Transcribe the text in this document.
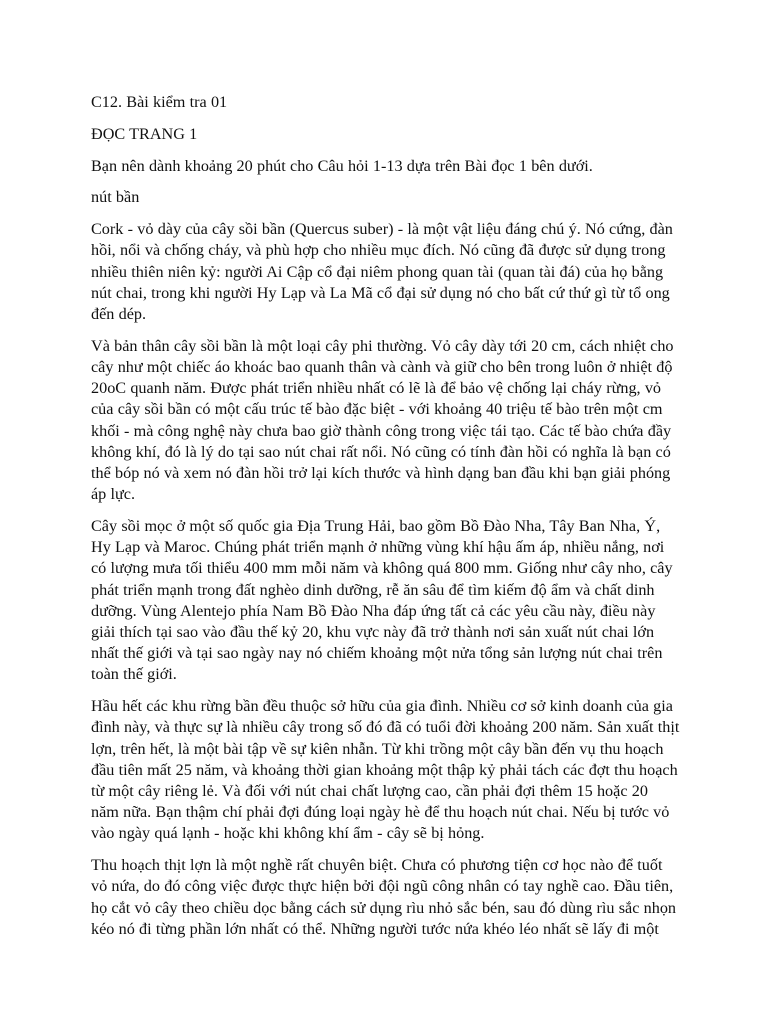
C12. Bài kiểm tra 01

ĐỌC TRANG 1

Bạn nên dành khoảng 20 phút cho Câu hỏi 1-13 dựa trên Bài đọc 1 bên dưới.

nút bần

Cork - vỏ dày của cây sồi bần (Quercus suber) - là một vật liệu đáng chú ý. Nó cứng, đàn hồi, nổi và chống cháy, và phù hợp cho nhiều mục đích. Nó cũng đã được sử dụng trong nhiều thiên niên kỷ: người Ai Cập cổ đại niêm phong quan tài (quan tài đá) của họ bằng nút chai, trong khi người Hy Lạp và La Mã cổ đại sử dụng nó cho bất cứ thứ gì từ tổ ong đến dép.

Và bản thân cây sồi bần là một loại cây phi thường. Vỏ cây dày tới 20 cm, cách nhiệt cho cây như một chiếc áo khoác bao quanh thân và cành và giữ cho bên trong luôn ở nhiệt độ 20oC quanh năm. Được phát triển nhiều nhất có lẽ là để bảo vệ chống lại cháy rừng, vỏ của cây sồi bần có một cấu trúc tế bào đặc biệt - với khoảng 40 triệu tế bào trên một cm khối - mà công nghệ này chưa bao giờ thành công trong việc tái tạo. Các tế bào chứa đầy không khí, đó là lý do tại sao nút chai rất nổi. Nó cũng có tính đàn hồi có nghĩa là bạn có thể bóp nó và xem nó đàn hồi trở lại kích thước và hình dạng ban đầu khi bạn giải phóng áp lực.

Cây sồi mọc ở một số quốc gia Địa Trung Hải, bao gồm Bồ Đào Nha, Tây Ban Nha, Ý, Hy Lạp và Maroc. Chúng phát triển mạnh ở những vùng khí hậu ấm áp, nhiều nắng, nơi có lượng mưa tối thiểu 400 mm mỗi năm và không quá 800 mm. Giống như cây nho, cây phát triển mạnh trong đất nghèo dinh dưỡng, rễ ăn sâu để tìm kiếm độ ẩm và chất dinh dưỡng. Vùng Alentejo phía Nam Bồ Đào Nha đáp ứng tất cả các yêu cầu này, điều này giải thích tại sao vào đầu thế kỷ 20, khu vực này đã trở thành nơi sản xuất nút chai lớn nhất thế giới và tại sao ngày nay nó chiếm khoảng một nửa tổng sản lượng nút chai trên toàn thế giới.

Hầu hết các khu rừng bần đều thuộc sở hữu của gia đình. Nhiều cơ sở kinh doanh của gia đình này, và thực sự là nhiều cây trong số đó đã có tuổi đời khoảng 200 năm. Sản xuất thịt lợn, trên hết, là một bài tập về sự kiên nhẫn. Từ khi trồng một cây bần đến vụ thu hoạch đầu tiên mất 25 năm, và khoảng thời gian khoảng một thập kỷ phải tách các đợt thu hoạch từ một cây riêng lẻ. Và đối với nút chai chất lượng cao, cần phải đợi thêm 15 hoặc 20 năm nữa. Bạn thậm chí phải đợi đúng loại ngày hè để thu hoạch nút chai. Nếu bị tước vỏ vào ngày quá lạnh - hoặc khi không khí ẩm - cây sẽ bị hỏng.

Thu hoạch thịt lợn là một nghề rất chuyên biệt. Chưa có phương tiện cơ học nào để tuốt vỏ nứa, do đó công việc được thực hiện bởi đội ngũ công nhân có tay nghề cao. Đầu tiên, họ cắt vỏ cây theo chiều dọc bằng cách sử dụng rìu nhỏ sắc bén, sau đó dùng rìu sắc nhọn kéo nó đi từng phần lớn nhất có thể. Những người tước nứa khéo léo nhất sẽ lấy đi một
